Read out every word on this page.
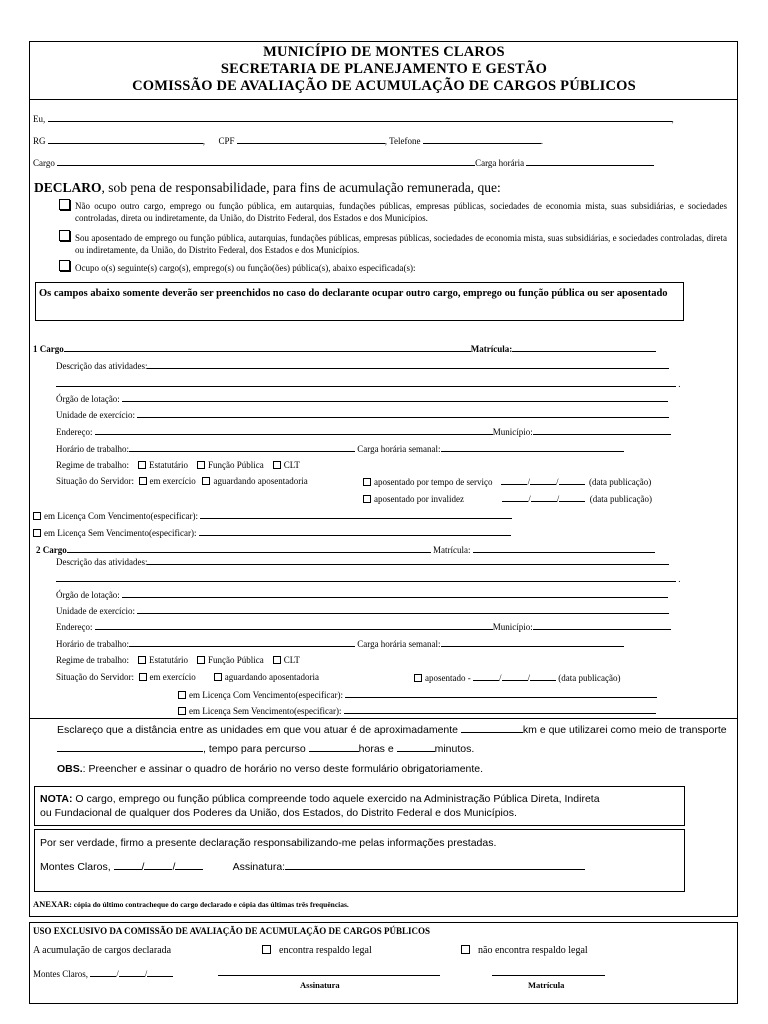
MUNICÍPIO DE MONTES CLAROS
SECRETARIA DE PLANEJAMENTO E GESTÃO
COMISSÃO DE AVALIAÇÃO DE ACUMULAÇÃO DE CARGOS PÚBLICOS
Eu,	,
RG	,      CPF	, Telefone	.
Cargo	Carga horária
DECLARO, sob pena de responsabilidade, para fins de acumulação remunerada, que:
Não ocupo outro cargo, emprego ou função pública, em autarquias, fundações públicas, empresas públicas, sociedades de economia mista, suas subsidiárias, e sociedades controladas, direta ou indiretamente, da União, do Distrito Federal, dos Estados e dos Municípios.
Sou aposentado de emprego ou função pública, autarquias, fundações públicas, empresas públicas, sociedades de economia mista, suas subsidiárias, e sociedades controladas, direta ou indiretamente, da União, do Distrito Federal, dos Estados e dos Municípios.
Ocupo o(s) seguinte(s) cargo(s), emprego(s) ou função(ões) pública(s), abaixo especificada(s):
Os campos abaixo somente deverão ser preenchidos no caso do declarante ocupar outro cargo, emprego ou função pública ou ser aposentado
1 Cargo	Matrícula:
Descrição das atividades:
.
Órgão de lotação:
Unidade de exercício:
Endereço:	Município:
Horário de trabalho:	Carga horária semanal:
Regime de trabalho: Estatutário Função Pública CLT
Situação do Servidor: em exercício aguardando aposentadoria	aposentado por tempo de serviço	/	/	(data publicação)
aposentado por invalidez	/	/	(data publicação)
em Licença Com Vencimento(especificar):
em Licença Sem Vencimento(especificar):
2 Cargo	Matrícula:
Descrição das atividades:
.
Órgão de lotação:
Unidade de exercício:
Endereço:	Município:
Horário de trabalho:	Carga horária semanal:
Regime de trabalho: Estatutário Função Pública CLT
Situação do Servidor: em exercício	aguardando aposentadoria	aposentado -	/	/	(data publicação)
em Licença Com Vencimento(especificar):
em Licença Sem Vencimento(especificar):
Esclareço que a distância entre as unidades em que vou atuar é de aproximadamente	km e que utilizarei como meio de transporte
, tempo para percurso	horas e	minutos.
OBS.: Preencher e assinar o quadro de horário no verso deste formulário obrigatoriamente.
NOTA: O cargo, emprego ou função pública compreende todo aquele exercido na Administração Pública Direta, Indireta
ou Fundacional de qualquer dos Poderes da União, dos Estados, do Distrito Federal e dos Municípios.
Por ser verdade, firmo a presente declaração responsabilizando-me pelas informações prestadas.
Montes Claros,	/	/	Assinatura:
ANEXAR: cópia do último contracheque do cargo declarado e cópia das últimas três frequências.
USO EXCLUSIVO DA COMISSÃO DE AVALIAÇÃO DE ACUMULAÇÃO DE CARGOS PÚBLICOS
A acumulação de cargos declarada	encontra respaldo legal	não encontra respaldo legal
Montes Claros,	/	/
Assinatura	Matrícula
